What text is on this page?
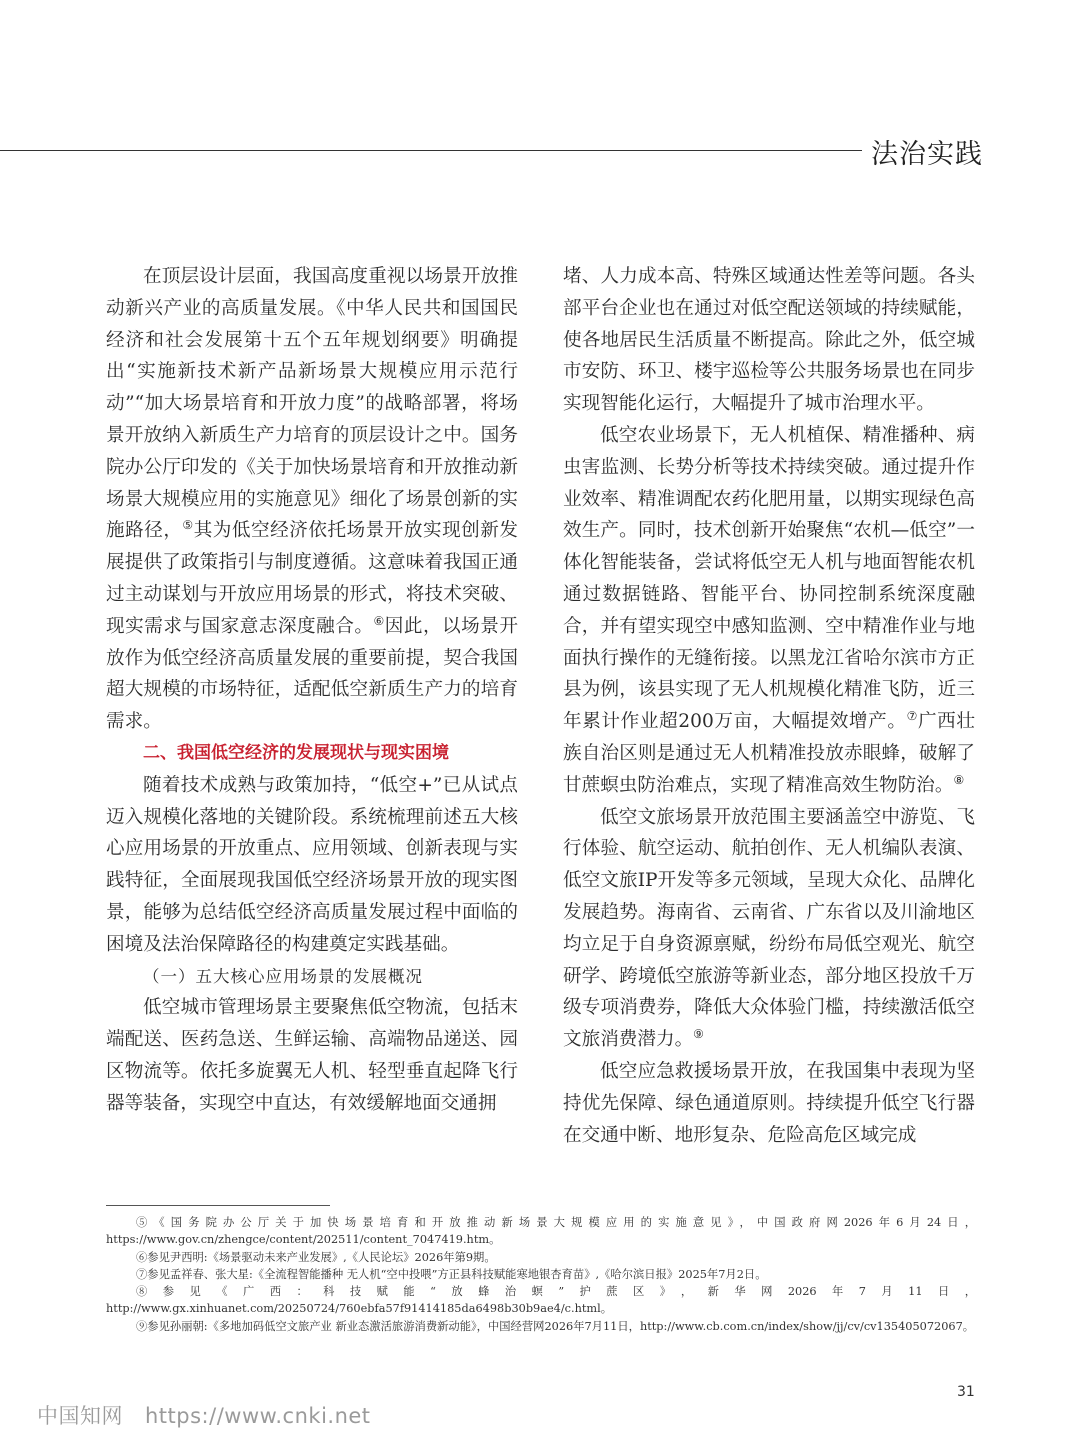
法治实践

在顶层设计层面，我国高度重视以场景开放推动新兴产业的高质量发展。《中华人民共和国国民经济和社会发展第十五个五年规划纲要》明确提出“实施新技术新产品新场景大规模应用示范行动”“加大场景培育和开放力度”的战略部署，将场景开放纳入新质生产力培育的顶层设计之中。国务院办公厅印发的《关于加快场景培育和开放推动新场景大规模应用的实施意见》细化了场景创新的实施路径，⑤其为低空经济依托场景开放实现创新发展提供了政策指引与制度遵循。这意味着我国正通过主动谋划与开放应用场景的形式，将技术突破、现实需求与国家意志深度融合。⑥因此，以场景开放作为低空经济高质量发展的重要前提，契合我国超大规模的市场特征，适配低空新质生产力的培育需求。

二、我国低空经济的发展现状与现实困境

随着技术成熟与政策加持，“低空+”已从试点迈入规模化落地的关键阶段。系统梳理前述五大核心应用场景的开放重点、应用领域、创新表现与实践特征，全面展现我国低空经济场景开放的现实图景，能够为总结低空经济高质量发展过程中面临的困境及法治保障路径的构建奠定实践基础。

（一）五大核心应用场景的发展概况

低空城市管理场景主要聚焦低空物流，包括末端配送、医药急送、生鲜运输、高端物品递送、园区物流等。依托多旋翼无人机、轻型垂直起降飞行器等装备，实现空中直达，有效缓解地面交通拥

堵、人力成本高、特殊区域通达性差等问题。各头部平台企业也在通过对低空配送领域的持续赋能，使各地居民生活质量不断提高。除此之外，低空城市安防、环卫、楼宇巡检等公共服务场景也在同步实现智能化运行，大幅提升了城市治理水平。

低空农业场景下，无人机植保、精准播种、病虫害监测、长势分析等技术持续突破。通过提升作业效率、精准调配农药化肥用量，以期实现绿色高效生产。同时，技术创新开始聚焦“农机—低空”一体化智能装备，尝试将低空无人机与地面智能农机通过数据链路、智能平台、协同控制系统深度融合，并有望实现空中感知监测、空中精准作业与地面执行操作的无缝衔接。以黑龙江省哈尔滨市方正县为例，该县实现了无人机规模化精准飞防，近三年累计作业超200万亩，大幅提效增产。⑦广西壮族自治区则是通过无人机精准投放赤眼蜂，破解了甘蔗螟虫防治难点，实现了精准高效生物防治。⑧

低空文旅场景开放范围主要涵盖空中游览、飞行体验、航空运动、航拍创作、无人机编队表演、低空文旅IP开发等多元领域，呈现大众化、品牌化发展趋势。海南省、云南省、广东省以及川渝地区均立足于自身资源禀赋，纷纷布局低空观光、航空研学、跨境低空旅游等新业态，部分地区投放千万级专项消费券，降低大众体验门槛，持续激活低空文旅消费潜力。⑨

低空应急救援场景开放，在我国集中表现为坚持优先保障、绿色通道原则。持续提升低空飞行器在交通中断、地形复杂、危险高危区域完成

⑤《国务院办公厅关于加快场景培育和开放推动新场景大规模应用的实施意见》，中国政府网2026年6月24日，https://www.gov.cn/zhengce/content/202511/content_7047419.htm。

⑥参见尹西明:《场景驱动未来产业发展》,《人民论坛》2026年第9期。

⑦参见孟祥春、张大星:《全流程智能播种 无人机“空中投喂”方正县科技赋能寒地银杏育苗》,《哈尔滨日报》2025年7月2日。

⑧参见《广西：科技赋能“放蜂治螟”护蔗区》，新华网2026年7月11日，http://www.gx.xinhuanet.com/20250724/760ebfa57f91414185da6498b30b9ae4/c.html。

⑨参见孙丽朝:《多地加码低空文旅产业 新业态激活旅游消费新动能》，中国经营网2026年7月11日，http://www.cb.com.cn/index/show/jj/cv/cv135405072067。

31
中国知网 https://www.cnki.net
